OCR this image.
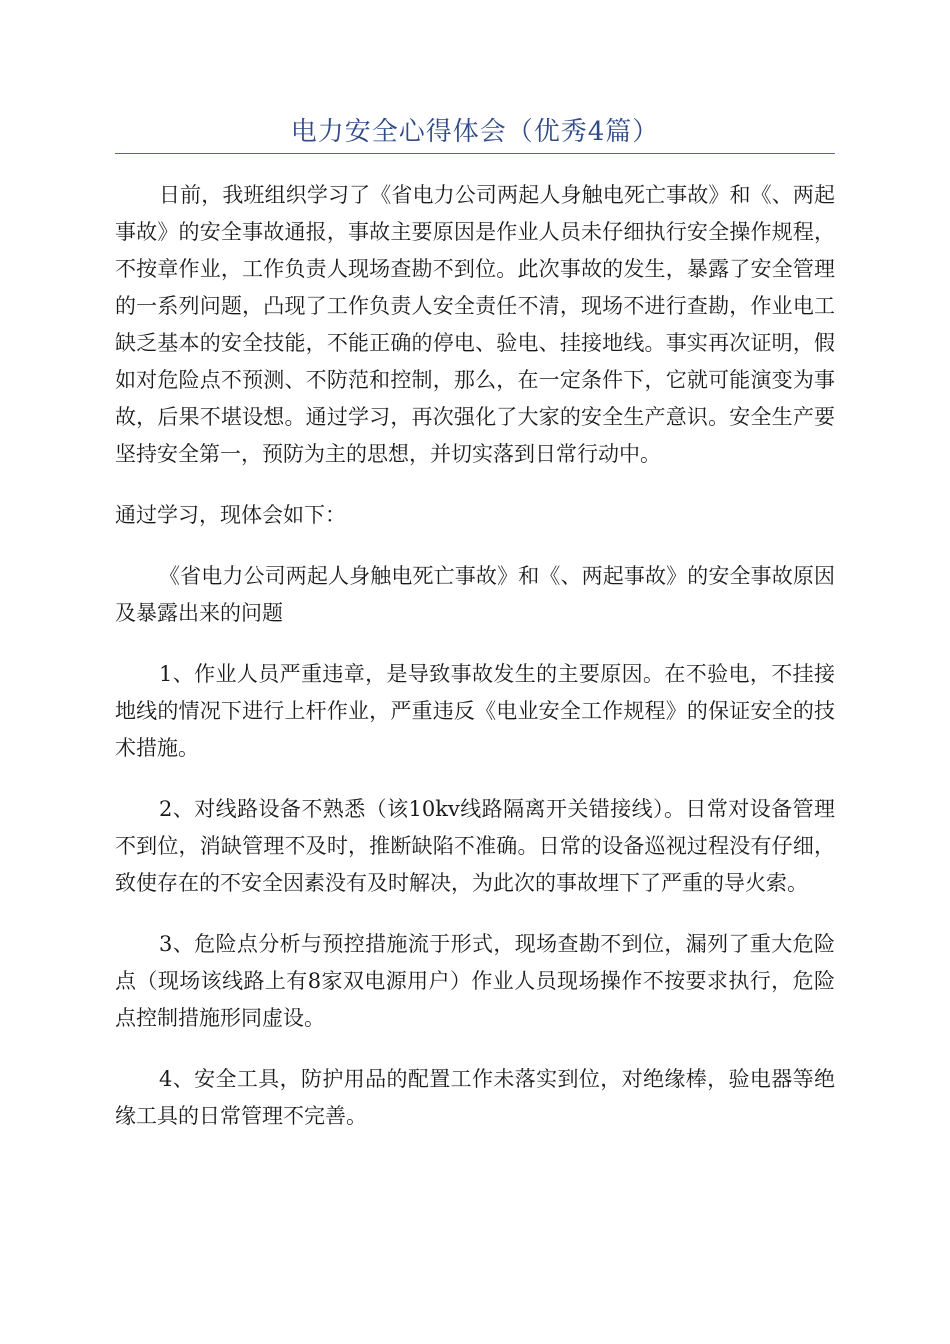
电力安全心得体会（优秀4篇）

日前，我班组织学习了《省电力公司两起人身触电死亡事故》和《、两起事故》的安全事故通报，事故主要原因是作业人员未仔细执行安全操作规程，不按章作业，工作负责人现场查勘不到位。此次事故的发生，暴露了安全管理的一系列问题，凸现了工作负责人安全责任不清，现场不进行查勘，作业电工缺乏基本的安全技能，不能正确的停电、验电、挂接地线。事实再次证明，假如对危险点不预测、不防范和控制，那么，在一定条件下，它就可能演变为事故，后果不堪设想。通过学习，再次强化了大家的安全生产意识。安全生产要坚持安全第一，预防为主的思想，并切实落到日常行动中。

通过学习，现体会如下：

《省电力公司两起人身触电死亡事故》和《、两起事故》的安全事故原因及暴露出来的问题

1、作业人员严重违章，是导致事故发生的主要原因。在不验电，不挂接地线的情况下进行上杆作业，严重违反《电业安全工作规程》的保证安全的技术措施。

2、对线路设备不熟悉（该10kv线路隔离开关错接线）。日常对设备管理不到位，消缺管理不及时，推断缺陷不准确。日常的设备巡视过程没有仔细，致使存在的不安全因素没有及时解决，为此次的事故埋下了严重的导火索。

3、危险点分析与预控措施流于形式，现场查勘不到位，漏列了重大危险点（现场该线路上有8家双电源用户）作业人员现场操作不按要求执行，危险点控制措施形同虚设。

4、安全工具，防护用品的配置工作未落实到位，对绝缘棒，验电器等绝缘工具的日常管理不完善。
